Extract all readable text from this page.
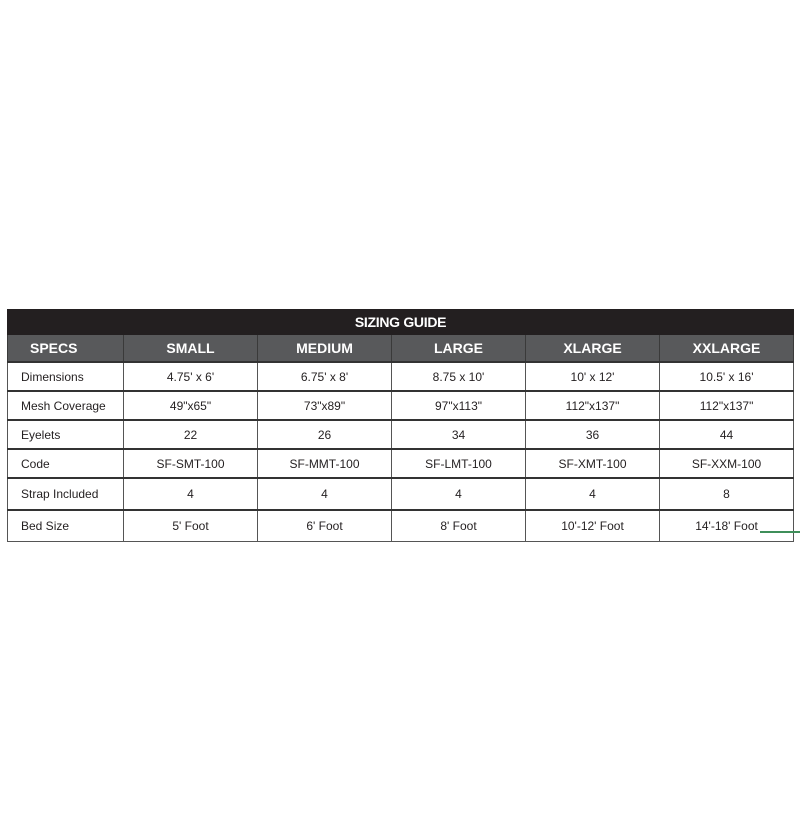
SIZING GUIDE					
SPECS	SMALL	MEDIUM	LARGE	XLARGE	XXLARGE
Dimensions	4.75' x 6'	6.75' x 8'	8.75 x 10'	10' x 12'	10.5' x 16'
Mesh Coverage	49"x65"	73"x89"	97"x113"	112"x137"	112"x137"
Eyelets	22	26	34	36	44
Code	SF-SMT-100	SF-MMT-100	SF-LMT-100	SF-XMT-100	SF-XXM-100
Strap Included	4	4	4	4	8
Bed Size	5' Foot	6' Foot	8' Foot	10'-12' Foot	14'-18' Foot
